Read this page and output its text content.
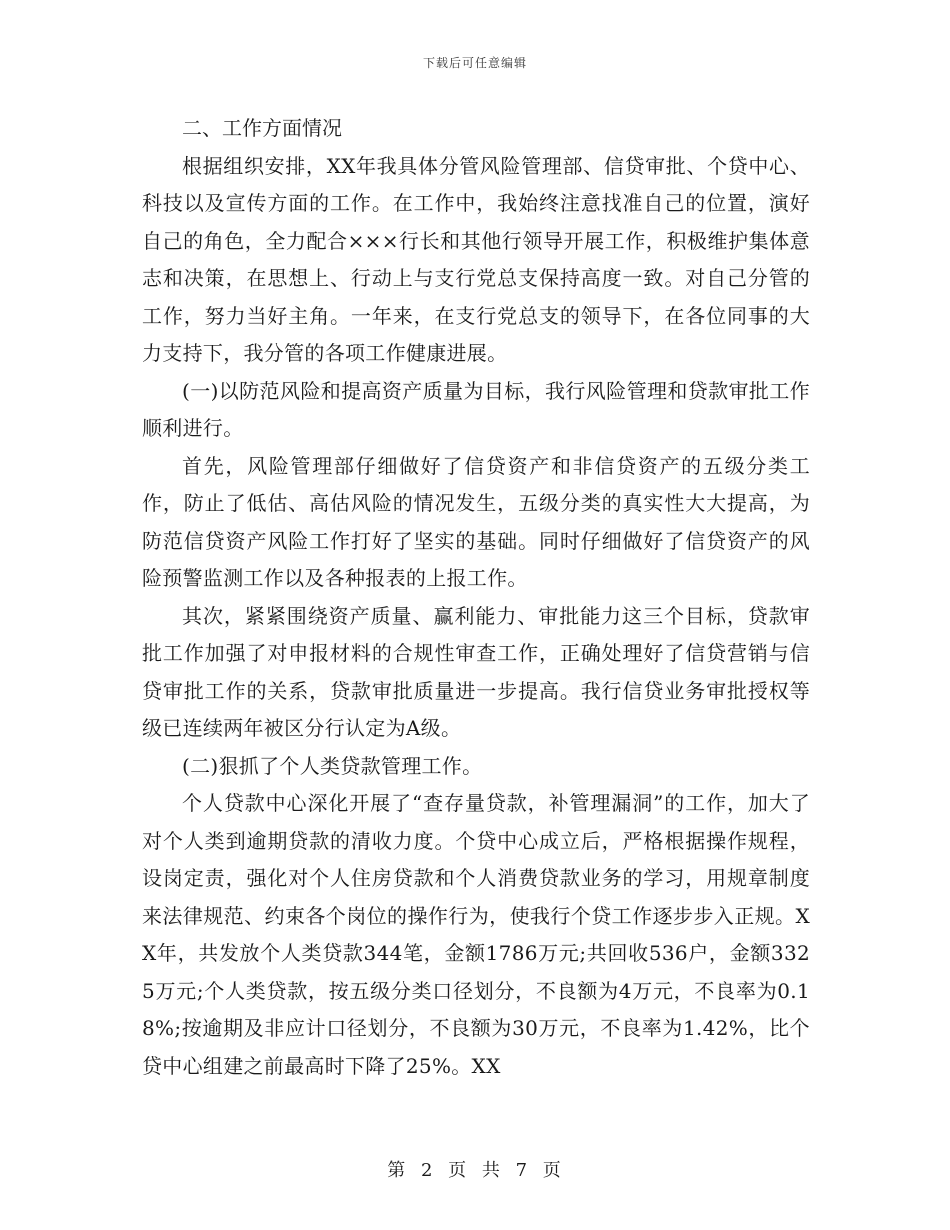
下载后可任意编辑

二、工作方面情况

根据组织安排，XX年我具体分管风险管理部、信贷审批、个贷中心、科技以及宣传方面的工作。在工作中，我始终注意找准自己的位置，演好自己的角色，全力配合×××行长和其他行领导开展工作，积极维护集体意志和决策，在思想上、行动上与支行党总支保持高度一致。对自己分管的工作，努力当好主角。一年来，在支行党总支的领导下，在各位同事的大力支持下，我分管的各项工作健康进展。

(一)以防范风险和提高资产质量为目标，我行风险管理和贷款审批工作顺利进行。

首先，风险管理部仔细做好了信贷资产和非信贷资产的五级分类工作，防止了低估、高估风险的情况发生，五级分类的真实性大大提高，为防范信贷资产风险工作打好了坚实的基础。同时仔细做好了信贷资产的风险预警监测工作以及各种报表的上报工作。

其次，紧紧围绕资产质量、赢利能力、审批能力这三个目标，贷款审批工作加强了对申报材料的合规性审查工作，正确处理好了信贷营销与信贷审批工作的关系，贷款审批质量进一步提高。我行信贷业务审批授权等级已连续两年被区分行认定为A级。

(二)狠抓了个人类贷款管理工作。

个人贷款中心深化开展了“查存量贷款，补管理漏洞”的工作，加大了对个人类到逾期贷款的清收力度。个贷中心成立后，严格根据操作规程，设岗定责，强化对个人住房贷款和个人消费贷款业务的学习，用规章制度来法律规范、约束各个岗位的操作行为，使我行个贷工作逐步步入正规。XX年，共发放个人类贷款344笔，金额1786万元;共回收536户，金额3325万元;个人类贷款，按五级分类口径划分，不良额为4万元，不良率为0.18%;按逾期及非应计口径划分，不良额为30万元，不良率为1.42%，比个贷中心组建之前最高时下降了25%。XX

第 2 页 共 7 页
